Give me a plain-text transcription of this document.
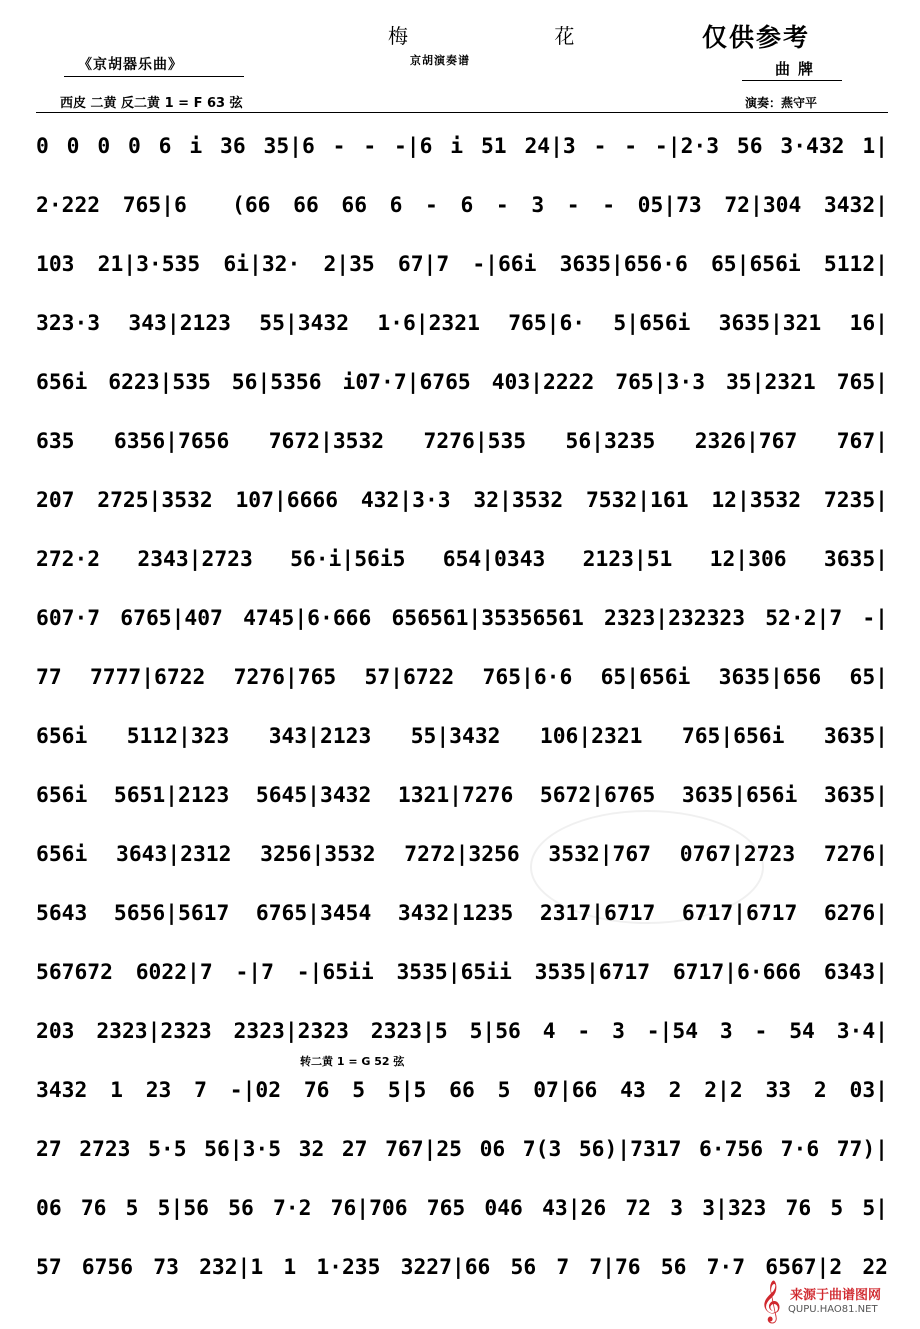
梅 花
京胡演奏谱
仅供参考
《京胡器乐曲》	曲牌
西皮 二黄 反二黄 1 = F 63 弦	演奏：燕守平
0 0 0 0 6 i 36 35|6 - - -|6 i 51 24|3 - - -|2·3 56 3·432 1|
2·222 765|6  (66 66 66 6 - 6 - 3 - - 05|73 72|304 3432|
103 21|3·535 6i|32· 2|35 67|7 -|66i 3635|656·6 65|656i 5112|
323·3 343|2123 55|3432 1·6|2321 765|6· 5|656i 3635|321 16|
656i 6223|535 56|5356 i07·7|6765 403|2222 765|3·3 35|2321 765|
635 6356|7656 7672|3532 7276|535 56|3235 2326|767 767|
207 2725|3532 107|6666 432|3·3 32|3532 7532|161 12|3532 7235|
272·2 2343|2723 56·i|56i5 654|0343 2123|51 12|306 3635|
607·7 6765|407 4745|6·666 656561|35356561 2323|232323 52·2|7 -|
77 7777|6722 7276|765 57|6722 765|6·6 65|656i 3635|656 65|
656i 5112|323 343|2123 55|3432 106|2321 765|656i 3635|
656i 5651|2123 5645|3432 1321|7276 5672|6765 3635|656i 3635|
656i 3643|2312 3256|3532 7272|3256 3532|767 0767|2723 7276|
5643 5656|5617 6765|3454 3432|1235 2317|6717 6717|6717 6276|
567672 6022|7 -|7 -|65ii 3535|65ii 3535|6717 6717|6·666 6343|
203 2323|2323 2323|2323 2323|5 5|56 4 - 3 -|54 3 - 54 3·4|
3432 1 23 7 -|02 76 5 5|5 66 5 07|66 43 2 2|2 33 2 03|
27 2723 5·5 56|3·5 32 27 767|25 06 7(3 56)|7317 6·756 7·6 77)|
06 76 5 5|56 56 7·2 76|706 765 046 43|26 72 3 3|323 76 5 5|
57 6756 73 232|1 1 1·235 3227|66 56 7 7|76 56 7·7 6567|2 22
转二黄 1 = G 52 弦
𝄞 来源于曲谱图网
QUPU.HAO81.NET
